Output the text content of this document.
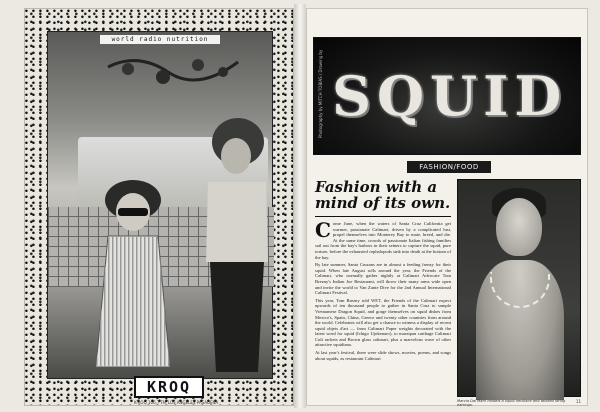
world radio nutrition
KROQ
K-ROQ 106.7 FM LOS ANGELES PASADENA
Photography by MITCH TOBIAS / Drawing by SQUID
FASHION/FOOD
Fashion with a mind of its own.
C ome June, when the waters of Santa Cruz California get warmer, passionate Calimari, driven by a complicated lust, propel themselves into Monterey Bay to mate, breed, and die. At the same time, crowds of passionate Italian fishing families sail out from the bay's harbors in their seiners to capture the squid, pure torture, before the exhausted cephalopods sink into death at the bottom of the bay.

By late summer, Santa Cruzans are in almost a feeding frenzy for their squid. When late August rolls around the year, the Friends of the Calimari, who normally gather nightly at Calimari Advocate Tom Brezny's Indian Joe Restaurant, will throw their many arms wide open and invite the world to Van Zante Dive for the 2nd Annual International Calimari Festival.

This year, Tom Brezny told WET, the Friends of the Calimari expect upwards of ten thousand people to gather in Santa Cruz to sample Vietnamese Dragon Squid, and gorge themselves on squid dishes from Mexico's, Spain, China, Greece and twenty other countries from around the world. Celebrants will also get a chance to witness a display of recent squid objets d'art — from Calimari Paper weights decorated with the latest word for squid (Ichigo Ujokenaro), to marzipan carthage Calimari Cult rackets and Brown glass calimari, plus a marvelous wave of other attractive squidiana.

At last year's festival, there were slide shows, movies, poems, and songs about squids, as restaurant Calimari

Marcia Dal Maro models a squid necklace and twisted string earrings.
11
